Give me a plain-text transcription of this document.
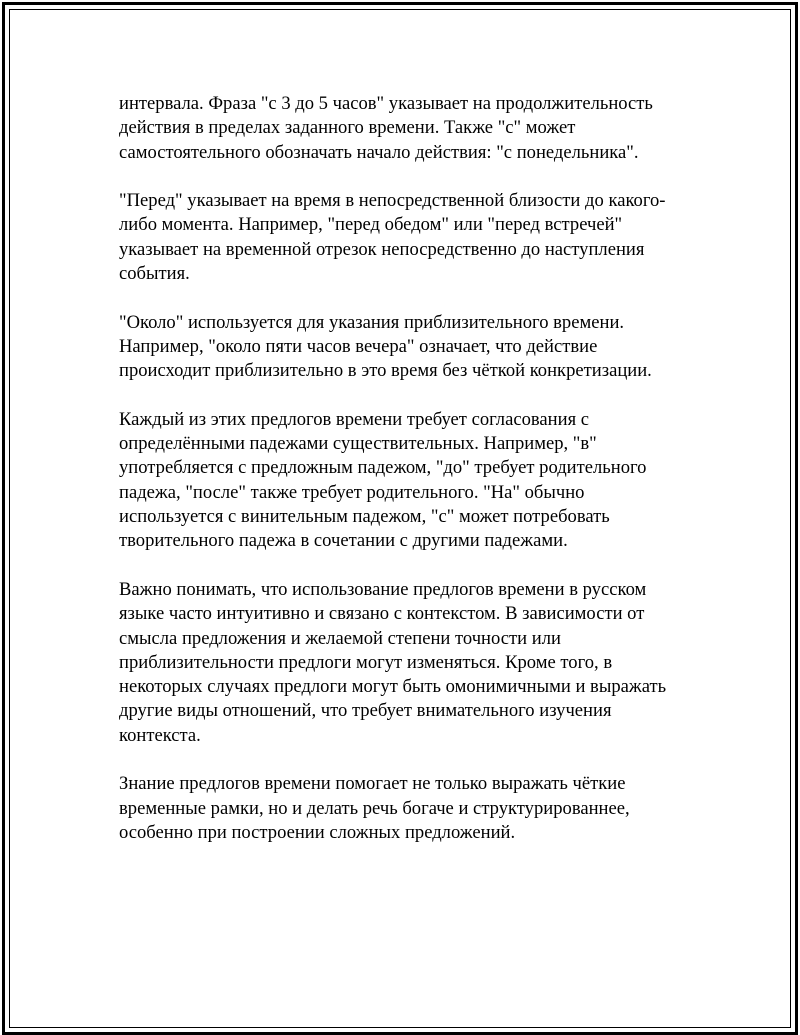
интервала. Фраза "с 3 до 5 часов" указывает на продолжительность
действия в пределах заданного времени. Также "с" может
самостоятельного обозначать начало действия: "с понедельника".

"Перед" указывает на время в непосредственной близости до какого-
либо момента. Например, "перед обедом" или "перед встречей"
указывает на временной отрезок непосредственно до наступления
события.

"Около" используется для указания приблизительного времени.
Например, "около пяти часов вечера" означает, что действие
происходит приблизительно в это время без чёткой конкретизации.

Каждый из этих предлогов времени требует согласования с
определёнными падежами существительных. Например, "в"
употребляется с предложным падежом, "до" требует родительного
падежа, "после" также требует родительного. "На" обычно
используется с винительным падежом, "с" может потребовать
творительного падежа в сочетании с другими падежами.

Важно понимать, что использование предлогов времени в русском
языке часто интуитивно и связано с контекстом. В зависимости от
смысла предложения и желаемой степени точности или
приблизительности предлоги могут изменяться. Кроме того, в
некоторых случаях предлоги могут быть омонимичными и выражать
другие виды отношений, что требует внимательного изучения
контекста.

Знание предлогов времени помогает не только выражать чёткие
временные рамки, но и делать речь богаче и структурированнее,
особенно при построении сложных предложений.
